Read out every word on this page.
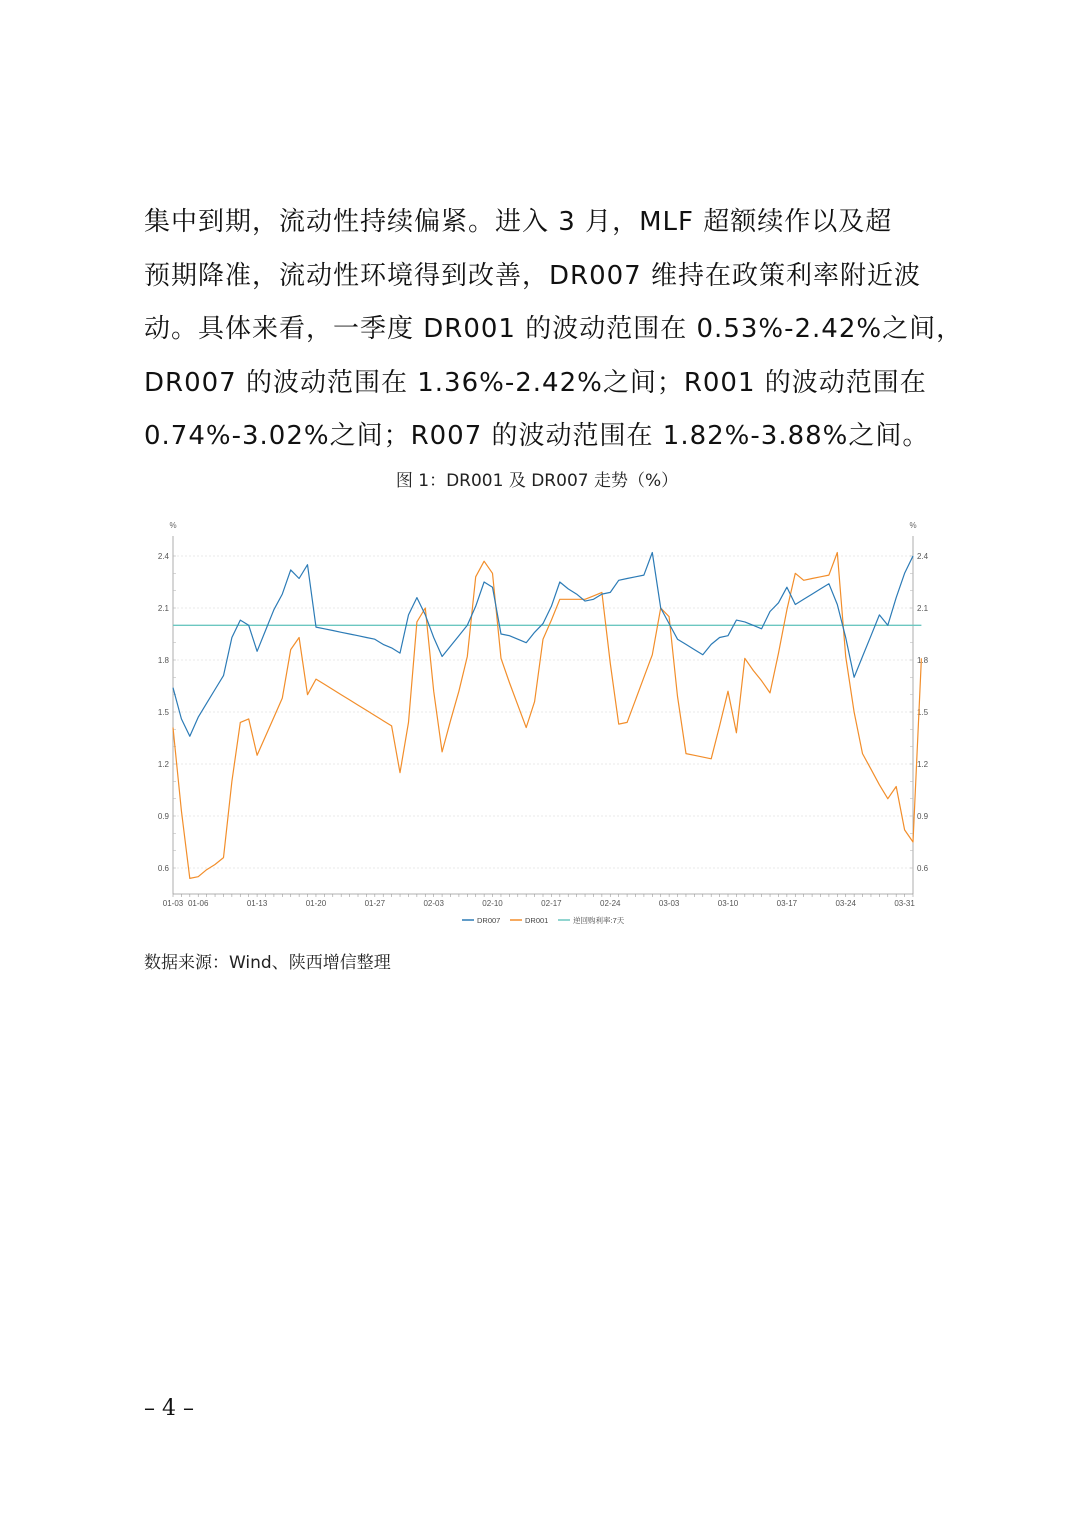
集中到期，流动性持续偏紧。进入 3 月，MLF 超额续作以及超
预期降准，流动性环境得到改善，DR007 维持在政策利率附近波
动。具体来看，一季度 DR001 的波动范围在 0.53%-2.42%之间，
DR007 的波动范围在 1.36%-2.42%之间；R001 的波动范围在
0.74%-3.02%之间；R007 的波动范围在 1.82%-3.88%之间。
图 1：DR001 及 DR007 走势（%）
%	%
0.6	0.6
0.9	0.9
1.2	1.2
1.5	1.5
1.8	1.8
2.1	2.1
2.4	2.4
01-03 01-06	01-13	01-20	01-27	02-03	02-10	02-17	02-24	03-03	03-10	03-17	03-24	03-31
DR007	DR001	逆回购利率:7天
数据来源：Wind、陕西增信整理
– 4 –
